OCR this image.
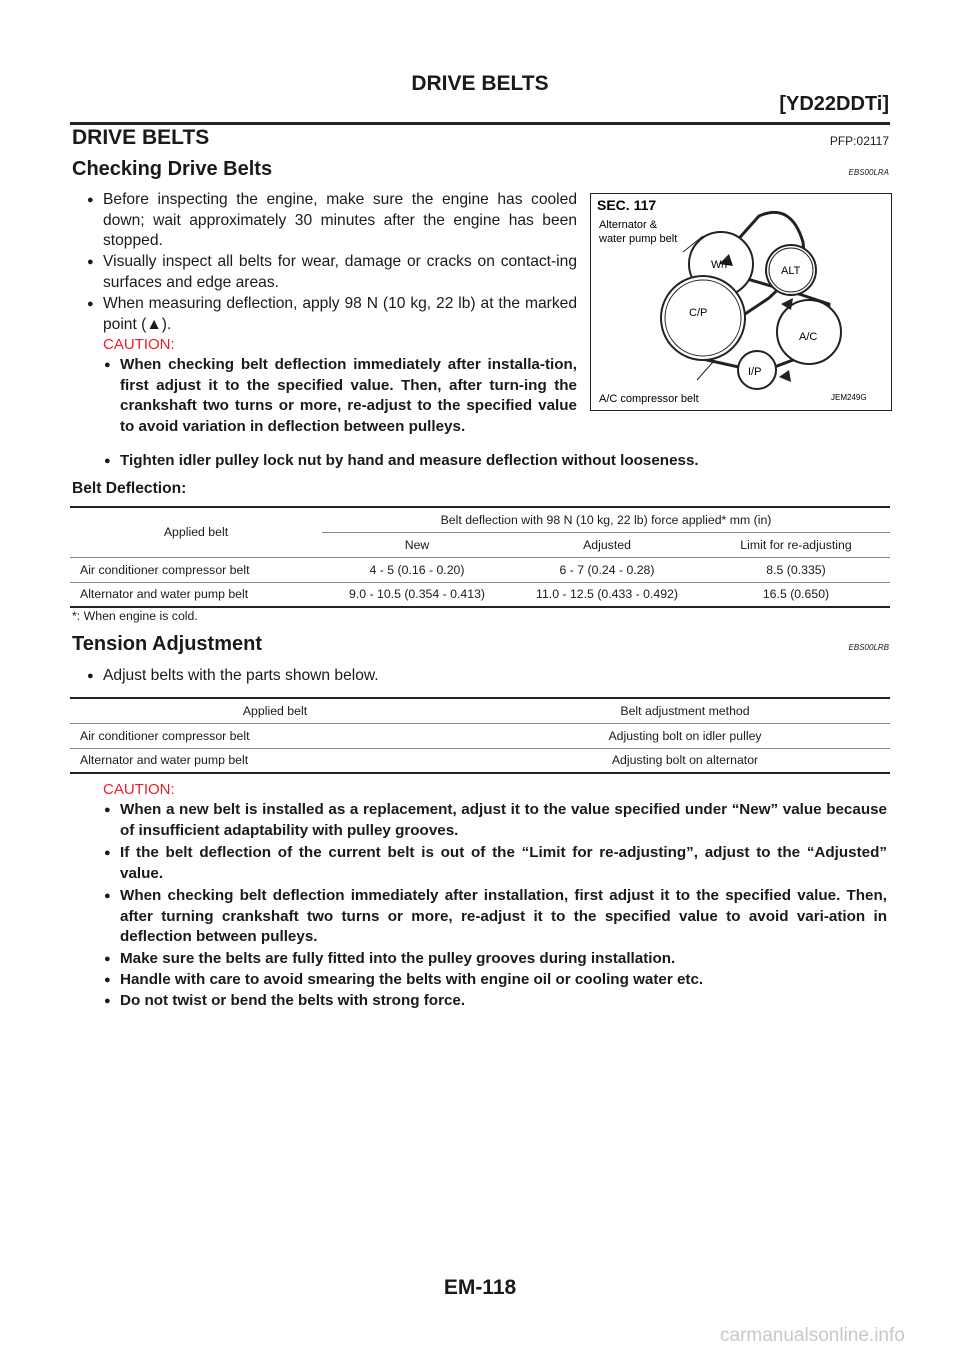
DRIVE BELTS
[YD22DDTi]
DRIVE BELTS	PFP:02117
Checking Drive Belts	EBS00LRA
● Before inspecting the engine, make sure the engine has cooled down; wait approximately 30 minutes after the engine has been stopped.
● Visually inspect all belts for wear, damage or cracks on contact-ing surfaces and edge areas.
● When measuring deflection, apply 98 N (10 kg, 22 lb) at the marked point (▲).
CAUTION:
● When checking belt deflection immediately after installa-tion, first adjust it to the specified value. Then, after turn-ing the crankshaft two turns or more, re-adjust to the specified value to avoid variation in deflection between pulleys.
● Tighten idler pulley lock nut by hand and measure deflection without looseness.
SEC. 117
Alternator &
water pump belt
W/P	ALT
C/P
A/C
I/P
A/C compressor belt	JEM249G
Belt Deflection:
Applied belt	Belt deflection with 98 N (10 kg, 22 lb) force applied* mm (in)		
	New	Adjusted	Limit for re-adjusting
Air conditioner compressor belt	4 - 5 (0.16 - 0.20)	6 - 7 (0.24 - 0.28)	8.5 (0.335)
Alternator and water pump belt	9.0 - 10.5 (0.354 - 0.413)	11.0 - 12.5 (0.433 - 0.492)	16.5 (0.650)
*: When engine is cold.
Tension Adjustment	EBS00LRB
● Adjust belts with the parts shown below.
Applied belt	Belt adjustment method
Air conditioner compressor belt	Adjusting bolt on idler pulley
Alternator and water pump belt	Adjusting bolt on alternator
CAUTION:
● When a new belt is installed as a replacement, adjust it to the value specified under “New” value because of insufficient adaptability with pulley grooves.
● If the belt deflection of the current belt is out of the “Limit for re-adjusting”, adjust to the “Adjusted” value.
● When checking belt deflection immediately after installation, first adjust it to the specified value. Then, after turning crankshaft two turns or more, re-adjust it to the specified value to avoid vari-ation in deflection between pulleys.
● Make sure the belts are fully fitted into the pulley grooves during installation.
● Handle with care to avoid smearing the belts with engine oil or cooling water etc.
● Do not twist or bend the belts with strong force.
EM-118
carmanualsonline.info
